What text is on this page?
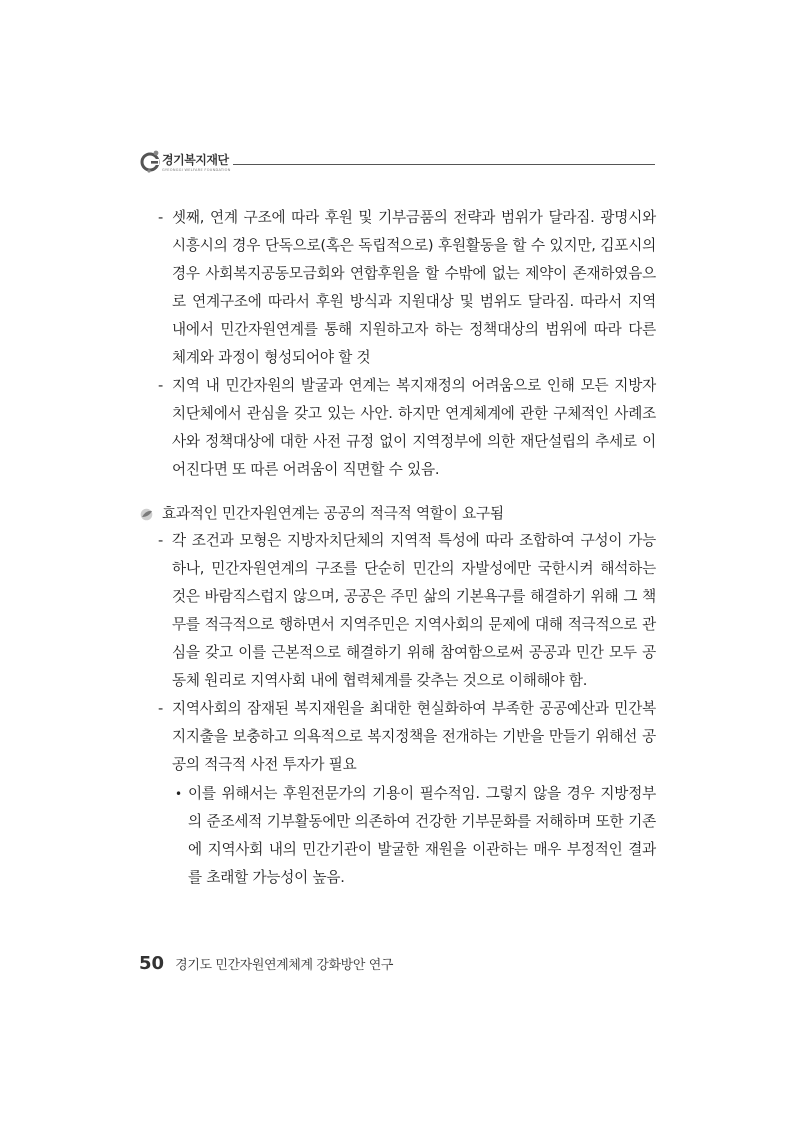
경기복지재단
GYEONGGI WELFARE FOUNDATION
- 셋째, 연계 구조에 따라 후원 및 기부금품의 전략과 범위가 달라짐. 광명시와 시흥시의 경우 단독으로(혹은 독립적으로) 후원활동을 할 수 있지만, 김포시의 경우 사회복지공동모금회와 연합후원을 할 수밖에 없는 제약이 존재하였음으로 연계구조에 따라서 후원 방식과 지원대상 및 범위도 달라짐. 따라서 지역 내에서 민간자원연계를 통해 지원하고자 하는 정책대상의 범위에 따라 다른 체계와 과정이 형성되어야 할 것
- 지역 내 민간자원의 발굴과 연계는 복지재정의 어려움으로 인해 모든 지방자치단체에서 관심을 갖고 있는 사안. 하지만 연계체계에 관한 구체적인 사례조사와 정책대상에 대한 사전 규정 없이 지역정부에 의한 재단설립의 추세로 이어진다면 또 따른 어려움이 직면할 수 있음.
효과적인 민간자원연계는 공공의 적극적 역할이 요구됨
- 각 조건과 모형은 지방자치단체의 지역적 특성에 따라 조합하여 구성이 가능하나, 민간자원연계의 구조를 단순히 민간의 자발성에만 국한시켜 해석하는 것은 바람직스럽지 않으며, 공공은 주민 삶의 기본욕구를 해결하기 위해 그 책무를 적극적으로 행하면서 지역주민은 지역사회의 문제에 대해 적극적으로 관심을 갖고 이를 근본적으로 해결하기 위해 참여함으로써 공공과 민간 모두 공동체 원리로 지역사회 내에 협력체계를 갖추는 것으로 이해해야 함.
- 지역사회의 잠재된 복지재원을 최대한 현실화하여 부족한 공공예산과 민간복지지출을 보충하고 의욕적으로 복지정책을 전개하는 기반을 만들기 위해선 공공의 적극적 사전 투자가 필요
• 이를 위해서는 후원전문가의 기용이 필수적임. 그렇지 않을 경우 지방정부의 준조세적 기부활동에만 의존하여 건강한 기부문화를 저해하며 또한 기존에 지역사회 내의 민간기관이 발굴한 재원을 이관하는 매우 부정적인 결과를 초래할 가능성이 높음.
50 경기도 민간자원연계체계 강화방안 연구
